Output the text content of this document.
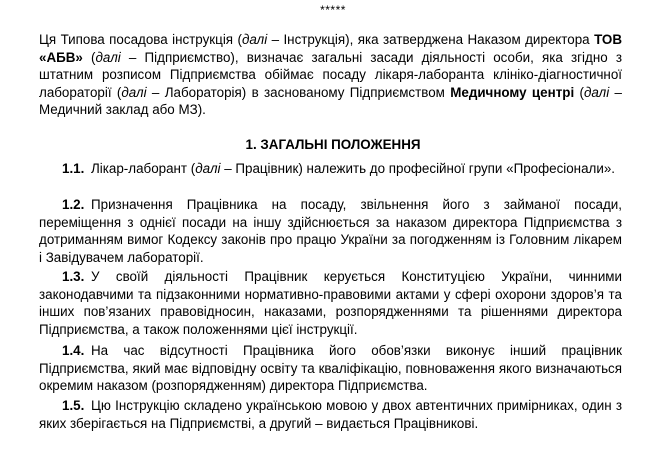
*****

Ця Типова посадова інструкція (далі – Інструкція), яка затверджена Наказом директора ТОВ «АБВ» (далі – Підприємство), визначає загальні засади діяльності особи, яка згідно з штатним розписом Підприємства обіймає посаду лікаря-лаборанта клініко-діагностичної лабораторії (далі – Лабораторія) в заснованому Підприємством Медичному центрі (далі – Медичний заклад або МЗ).

1. ЗАГАЛЬНІ ПОЛОЖЕННЯ

1.1. Лікар-лаборант (далі – Працівник) належить до професійної групи «Професіонали».

1.2. Призначення Працівника на посаду, звільнення його з займаної посади, переміщення з однієї посади на іншу здійснюється за наказом директора Підприємства з дотриманням вимог Кодексу законів про працю України за погодженням із Головним лікарем і Завідувачем лабораторії.

1.3. У своїй діяльності Працівник керується Конституцією України, чинними законодавчими та підзаконними нормативно-правовими актами у сфері охорони здоров’я та інших пов’язаних правовідносин, наказами, розпорядженнями та рішеннями директора Підприємства, а також положеннями цієї інструкції.

1.4. На час відсутності Працівника його обов’язки виконує інший працівник Підприємства, який має відповідну освіту та кваліфікацію, повноваження якого визначаються окремим наказом (розпорядженням) директора Підприємства.

1.5. Цю Інструкцію складено українською мовою у двох автентичних примірниках, один з яких зберігається на Підприємстві, а другий – видається Працівникові.
